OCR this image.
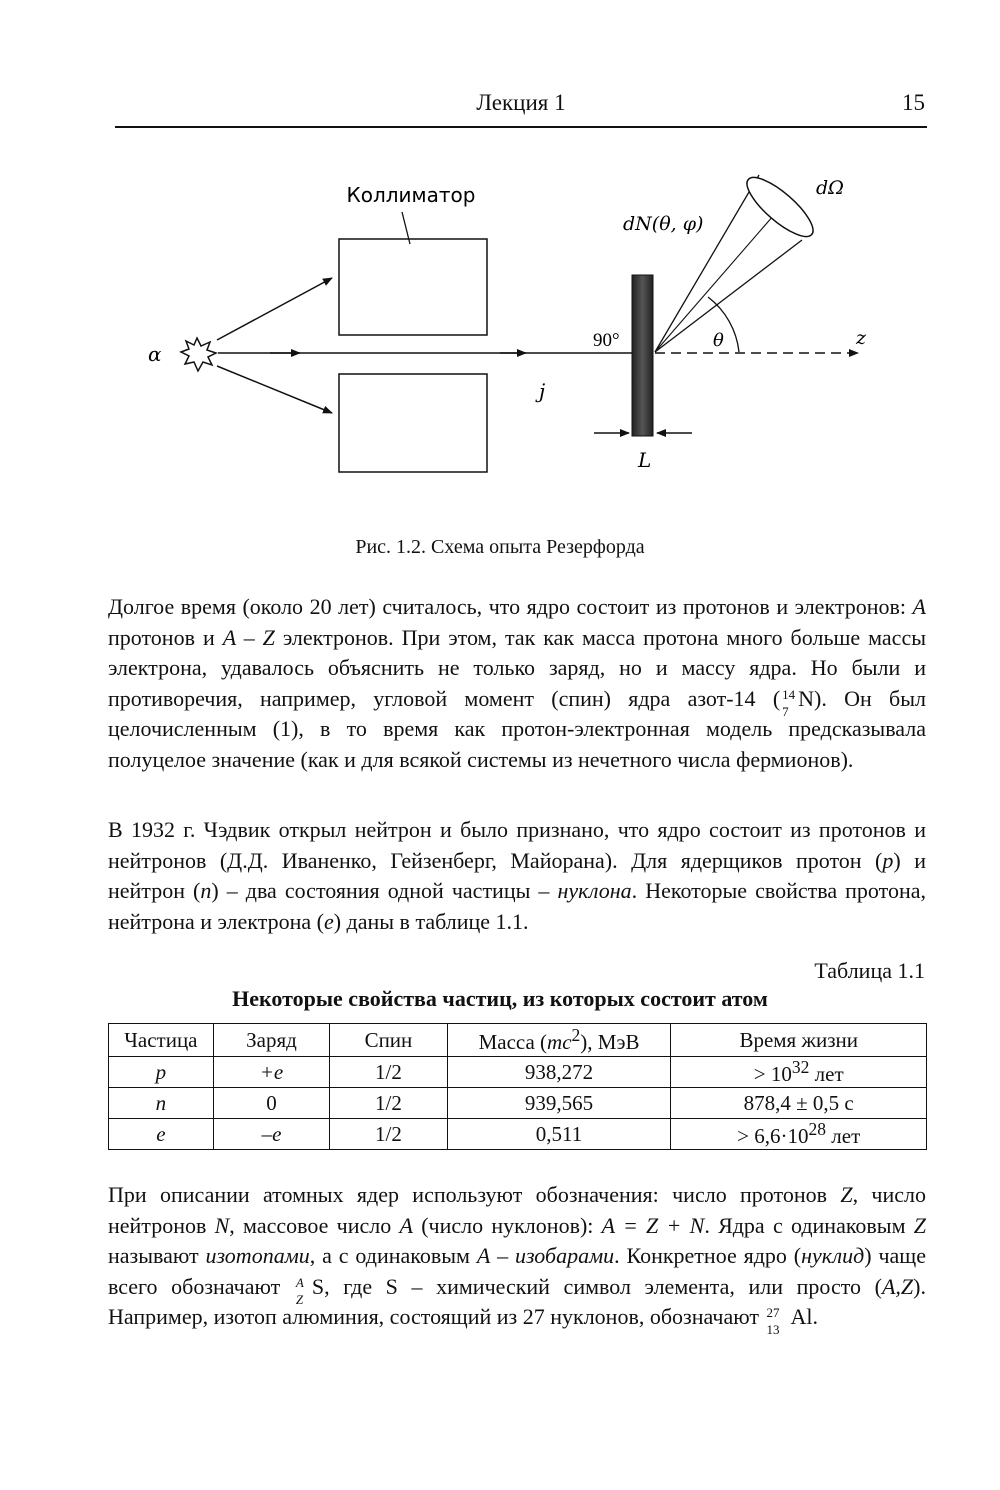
Лекция 1	15
Коллиматор
α
j
90°	z
θ
dN(θ, φ)
dΩ
L
Рис. 1.2. Схема опыта Резерфорда

Долгое время (около 20 лет) считалось, что ядро состоит из протонов и электронов: A протонов и A – Z электронов. При этом, так как масса протона много больше массы электрона, удавалось объяснить не только заряд, но и массу ядра. Но были и противоречия, например, угловой момент (спин) ядра азот-14 ( 14
7
N). Он был целочисленным (1), в то время как протон-электронная модель предсказывала полуцелое значение (как и для всякой системы из нечетного числа фермионов).

В 1932 г. Чэдвик открыл нейтрон и было признано, что ядро состоит из протонов и нейтронов (Д.Д. Иваненко, Гейзенберг, Майорана). Для ядерщиков протон (p) и нейтрон (n) – два состояния одной частицы – нуклона. Некоторые свойства протона, нейтрона и электрона (e) даны в таблице 1.1.

Таблица 1.1
Некоторые свойства частиц, из которых состоит атом
Частица	Заряд	Спин	Масса $(mc^2)$, МэВ	Время жизни
p	+e	1/2	938,272	> $10^{32}$ лет
n	0	1/2	939,565	878,4 ± 0,5 с
e	–e	1/2	0,511	> $6,6\cdot 10^{28}$ лет

При описании атомных ядер используют обозначения: число протонов Z, число нейтронов N, массовое число A (число нуклонов): A = Z + N. Ядра с одинаковым Z называют изотопами, а с одинаковым A – изобарами. Конкретное ядро (нуклид) чаще всего обозначают A
Z
S, где S – химический символ элемента, или просто (A,Z). Например, изотоп алюминия, состоящий из 27 нуклонов, обозначают 27
13
Al.
